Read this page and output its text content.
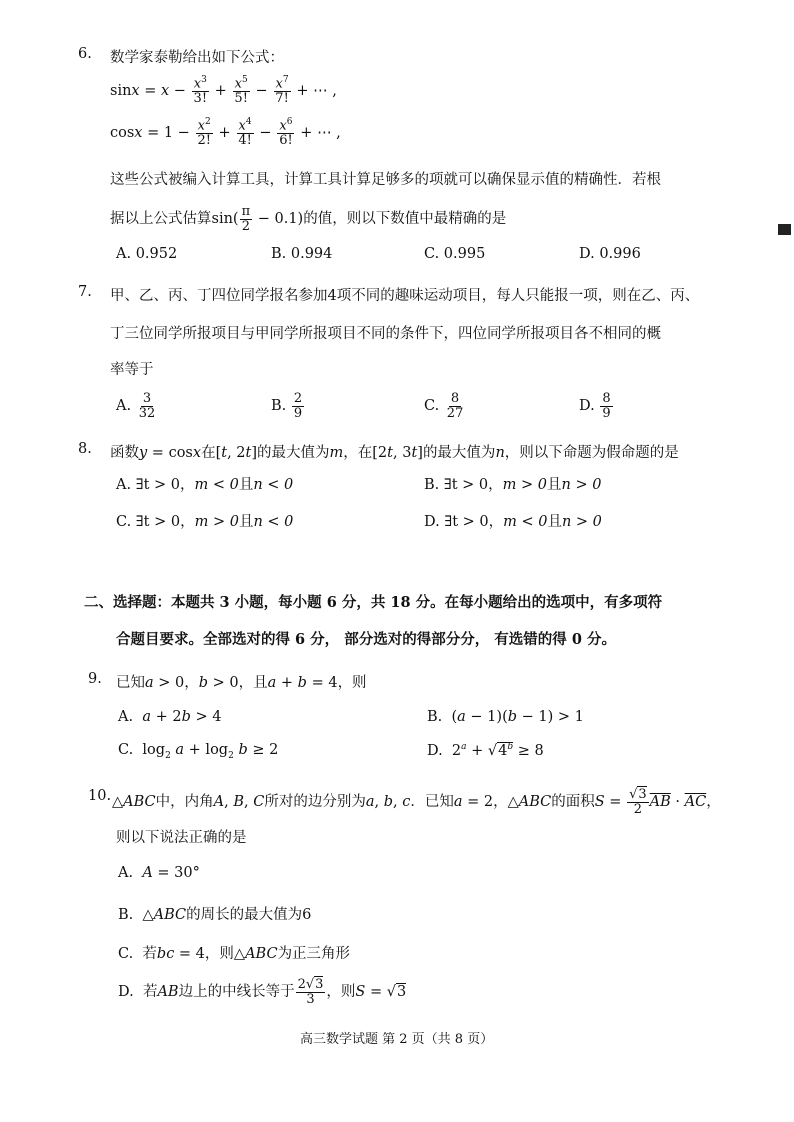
6. 数学家泰勒给出如下公式：
$\sin x = x - \frac{x^3}{3!} + \frac{x^5}{5!} - \frac{x^7}{7!}$ + ⋯ ,
$\cos x = 1 - \frac{x^2}{2!} + \frac{x^4}{4!} - \frac{x^6}{6!}$ + ⋯ ,
这些公式被编入计算工具，计算工具计算足够多的项就可以确保显示值的精确性．若根
据以上公式估算$\sin( \frac{\pi}{2} - 0.1)$的值，则以下数值中最精确的是
A. 0.952	B. 0.994	C. 0.995	D. 0.996
7. 甲、乙、丙、丁四位同学报名参加4项不同的趣味运动项目，每人只能报一项，则在乙、丙、
丁三位同学所报项目与甲同学所报项目不同的条件下，四位同学所报项目各不相同的概
率等于
A. $\frac{3}{32}$	B. $\frac{2}{9}$	C. $\frac{8}{27}$	D. $\frac{8}{9}$
8. 函数y = cosx在[t, 2t]的最大值为m，在[2t, 3t]的最大值为n，则以下命题为假命题的是
A. ∃t > 0，m < 0且n < 0	B. ∃t > 0，m > 0且n > 0
C. ∃t > 0，m > 0且n < 0	D. ∃t > 0，m < 0且n > 0
二、选择题：本题共 3 小题，每小题 6 分，共 18 分。在每小题给出的选项中，有多项符
合题目要求。全部选对的得 6 分， 部分选对的得部分分， 有选错的得 0 分。
9. 已知a > 0，b > 0，且a + b = 4，则
A. a + 2b > 4	B.  (a − 1)(b − 1) > 1
C.  $\log_2 a + \log_2 b \ge 2$	D.  $2^a + √4^b \ge 8$
10. △ABC中，内角A, B, C所对的边分别为a, b, c．已知a = 2，△ABC的面积$S = \frac{√3}{2} \overline{AB} \cdot \overline{AC}$，
则以下说法正确的是
A. A = 30°
B.  △ABC的周长的最大值为6
C. 若bc = 4，则△ABC为正三角形
D. 若AB边上的中线长等于 $\frac{2√3}{3}$ ，则S = √3
高三数学试题 第 2 页（共 8 页）
